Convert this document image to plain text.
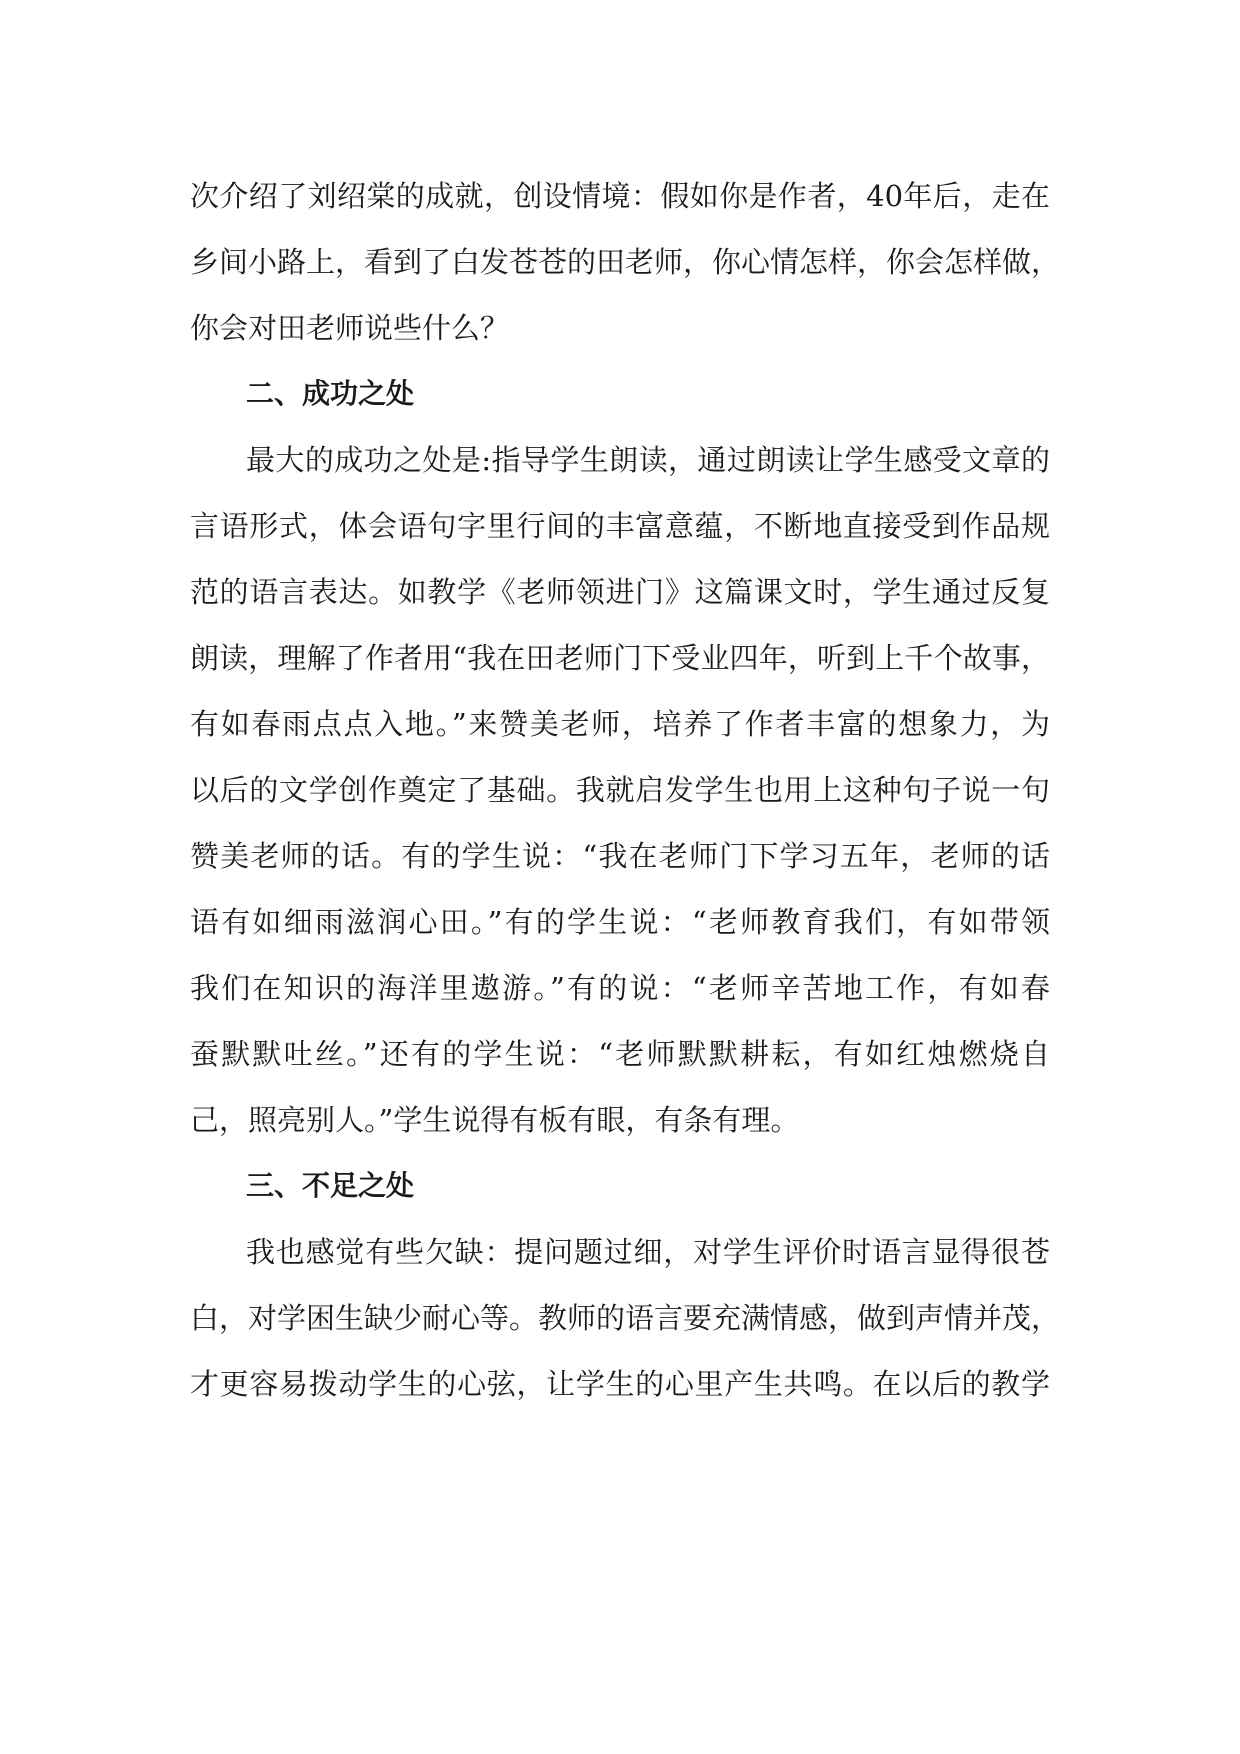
次介绍了刘绍棠的成就，创设情境：假如你是作者，40年后，走在
乡间小路上，看到了白发苍苍的田老师，你心情怎样，你会怎样做，
你会对田老师说些什么？
二、成功之处
最大的成功之处是:指导学生朗读，通过朗读让学生感受文章的
言语形式，体会语句字里行间的丰富意蕴，不断地直接受到作品规
范的语言表达。如教学《老师领进门》这篇课文时，学生通过反复
朗读，理解了作者用“我在田老师门下受业四年，听到上千个故事，
有如春雨点点入地。”来赞美老师，培养了作者丰富的想象力，为
以后的文学创作奠定了基础。我就启发学生也用上这种句子说一句
赞美老师的话。有的学生说：“我在老师门下学习五年，老师的话
语有如细雨滋润心田。”有的学生说：“老师教育我们，有如带领
我们在知识的海洋里遨游。”有的说：“老师辛苦地工作，有如春
蚕默默吐丝。”还有的学生说：“老师默默耕耘，有如红烛燃烧自
己，照亮别人。”学生说得有板有眼，有条有理。
三、不足之处
我也感觉有些欠缺：提问题过细，对学生评价时语言显得很苍
白，对学困生缺少耐心等。教师的语言要充满情感，做到声情并茂，
才更容易拨动学生的心弦，让学生的心里产生共鸣。在以后的教学
